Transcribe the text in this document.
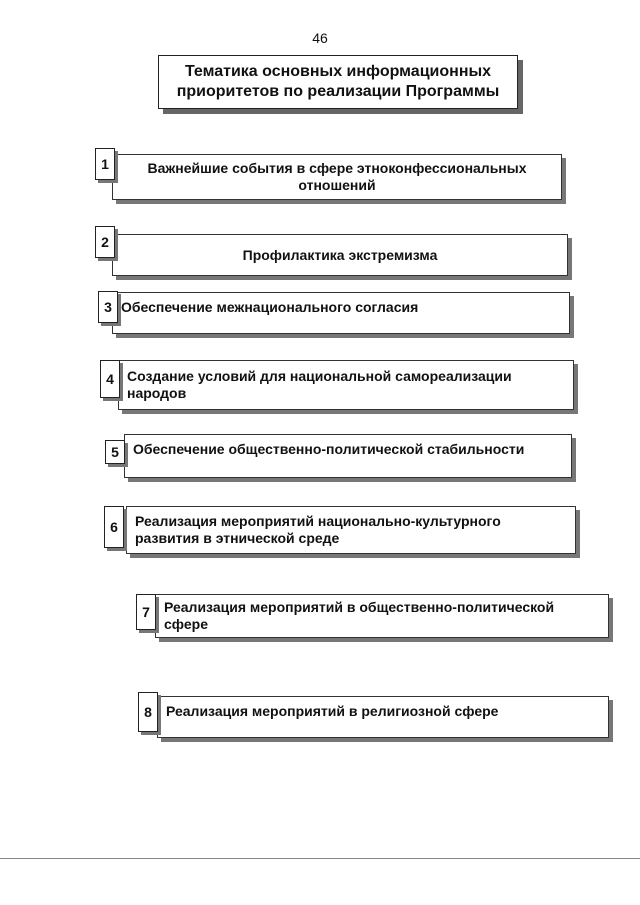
46
Тематика основных информационных
приоритетов по реализации Программы
Важнейшие события в сфере этноконфессиональных отношений
1
Профилактика экстремизма
2
Обеспечение межнационального согласия
3
Создание условий для национальной самореализации народов
4
Обеспечение общественно-политической стабильности
5
Реализация мероприятий национально-культурного развития в этнической среде
6
Реализация мероприятий в общественно-политической сфере
7
Реализация мероприятий в религиозной сфере
8
